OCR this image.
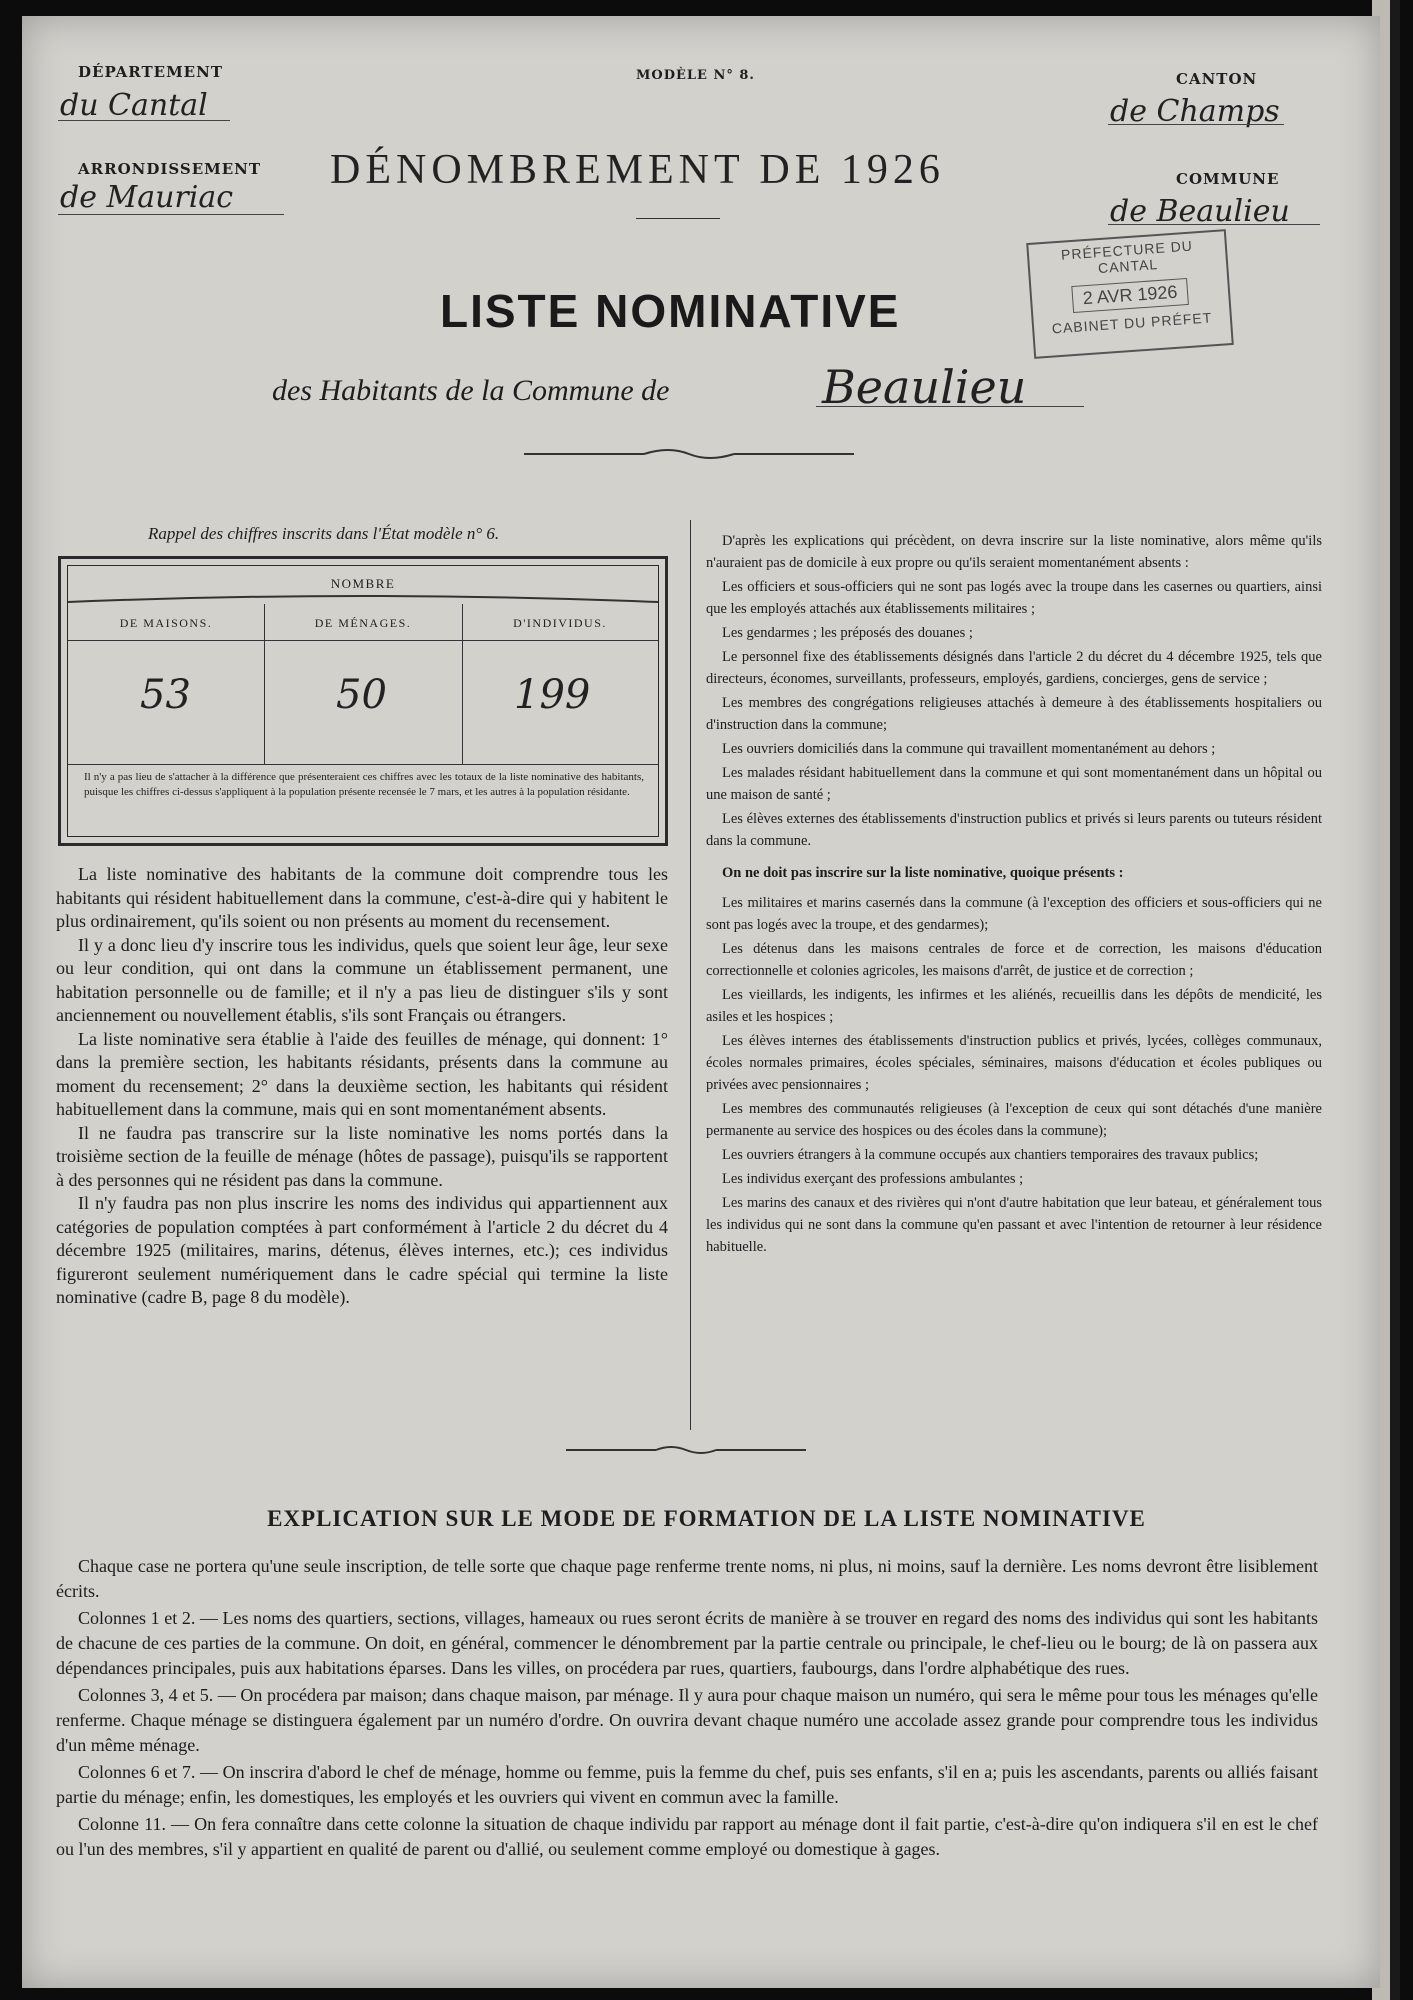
DÉPARTEMENT
du Cantal
ARRONDISSEMENT
de Mauriac
MODÈLE N° 8.	CANTON
de Champs
COMMUNE
de Beaulieu
DÉNOMBREMENT DE 1926
PRÉFECTURE DU CANTAL
2 AVR 1926
CABINET DU PRÉFET
LISTE NOMINATIVE
des Habitants de la Commune de	Beaulieu
Rappel des chiffres inscrits dans l'État modèle n° 6.
NOMBRE
DE MAISONS.	DE MÉNAGES.	D'INDIVIDUS.
53	50	199
Il n'y a pas lieu de s'attacher à la différence que présenteraient ces chiffres avec les totaux de la liste nominative des habitants, puisque les chiffres ci-dessus s'appliquent à la population présente recensée le 7 mars, et les autres à la population résidante.

La liste nominative des habitants de la commune doit comprendre tous les habitants qui résident habituellement dans la commune, c'est-à-dire qui y habitent le plus ordinairement, qu'ils soient ou non présents au moment du recensement.

Il y a donc lieu d'y inscrire tous les individus, quels que soient leur âge, leur sexe ou leur condition, qui ont dans la commune un établissement permanent, une habitation personnelle ou de famille; et il n'y a pas lieu de distinguer s'ils y sont anciennement ou nouvellement établis, s'ils sont Français ou étrangers.

La liste nominative sera établie à l'aide des feuilles de ménage, qui donnent: 1° dans la première section, les habitants résidants, présents dans la commune au moment du recensement; 2° dans la deuxième section, les habitants qui résident habituellement dans la commune, mais qui en sont momentanément absents.

Il ne faudra pas transcrire sur la liste nominative les noms portés dans la troisième section de la feuille de ménage (hôtes de passage), puisqu'ils se rapportent à des personnes qui ne résident pas dans la commune.

Il n'y faudra pas non plus inscrire les noms des individus qui appartiennent aux catégories de population comptées à part conformément à l'article 2 du décret du 4 décembre 1925 (militaires, marins, détenus, élèves internes, etc.); ces individus figureront seulement numériquement dans le cadre spécial qui termine la liste nominative (cadre B, page 8 du modèle).

D'après les explications qui précèdent, on devra inscrire sur la liste nominative, alors même qu'ils n'auraient pas de domicile à eux propre ou qu'ils seraient momentanément absents :

Les officiers et sous-officiers qui ne sont pas logés avec la troupe dans les casernes ou quartiers, ainsi que les employés attachés aux établissements militaires ;

Les gendarmes ; les préposés des douanes ;

Le personnel fixe des établissements désignés dans l'article 2 du décret du 4 décembre 1925, tels que directeurs, économes, surveillants, professeurs, employés, gardiens, concierges, gens de service ;

Les membres des congrégations religieuses attachés à demeure à des établissements hospitaliers ou d'instruction dans la commune;

Les ouvriers domiciliés dans la commune qui travaillent momentanément au dehors ;

Les malades résidant habituellement dans la commune et qui sont momentanément dans un hôpital ou une maison de santé ;

Les élèves externes des établissements d'instruction publics et privés si leurs parents ou tuteurs résident dans la commune.

On ne doit pas inscrire sur la liste nominative, quoique présents :

Les militaires et marins casernés dans la commune (à l'exception des officiers et sous-officiers qui ne sont pas logés avec la troupe, et des gendarmes);

Les détenus dans les maisons centrales de force et de correction, les maisons d'éducation correctionnelle et colonies agricoles, les maisons d'arrêt, de justice et de correction ;

Les vieillards, les indigents, les infirmes et les aliénés, recueillis dans les dépôts de mendicité, les asiles et les hospices ;

Les élèves internes des établissements d'instruction publics et privés, lycées, collèges communaux, écoles normales primaires, écoles spéciales, séminaires, maisons d'éducation et écoles publiques ou privées avec pensionnaires ;

Les membres des communautés religieuses (à l'exception de ceux qui sont détachés d'une manière permanente au service des hospices ou des écoles dans la commune);

Les ouvriers étrangers à la commune occupés aux chantiers temporaires des travaux publics;

Les individus exerçant des professions ambulantes ;

Les marins des canaux et des rivières qui n'ont d'autre habitation que leur bateau, et généralement tous les individus qui ne sont dans la commune qu'en passant et avec l'intention de retourner à leur résidence habituelle.

EXPLICATION SUR LE MODE DE FORMATION DE LA LISTE NOMINATIVE

Chaque case ne portera qu'une seule inscription, de telle sorte que chaque page renferme trente noms, ni plus, ni moins, sauf la dernière. Les noms devront être lisiblement écrits.

Colonnes 1 et 2. — Les noms des quartiers, sections, villages, hameaux ou rues seront écrits de manière à se trouver en regard des noms des individus qui sont les habitants de chacune de ces parties de la commune. On doit, en général, commencer le dénombrement par la partie centrale ou principale, le chef-lieu ou le bourg; de là on passera aux dépendances principales, puis aux habitations éparses. Dans les villes, on procédera par rues, quartiers, faubourgs, dans l'ordre alphabétique des rues.

Colonnes 3, 4 et 5. — On procédera par maison; dans chaque maison, par ménage. Il y aura pour chaque maison un numéro, qui sera le même pour tous les ménages qu'elle renferme. Chaque ménage se distinguera également par un numéro d'ordre. On ouvrira devant chaque numéro une accolade assez grande pour comprendre tous les individus d'un même ménage.

Colonnes 6 et 7. — On inscrira d'abord le chef de ménage, homme ou femme, puis la femme du chef, puis ses enfants, s'il en a; puis les ascendants, parents ou alliés faisant partie du ménage; enfin, les domestiques, les employés et les ouvriers qui vivent en commun avec la famille.

Colonne 11. — On fera connaître dans cette colonne la situation de chaque individu par rapport au ménage dont il fait partie, c'est-à-dire qu'on indiquera s'il en est le chef ou l'un des membres, s'il y appartient en qualité de parent ou d'allié, ou seulement comme employé ou domestique à gages.
